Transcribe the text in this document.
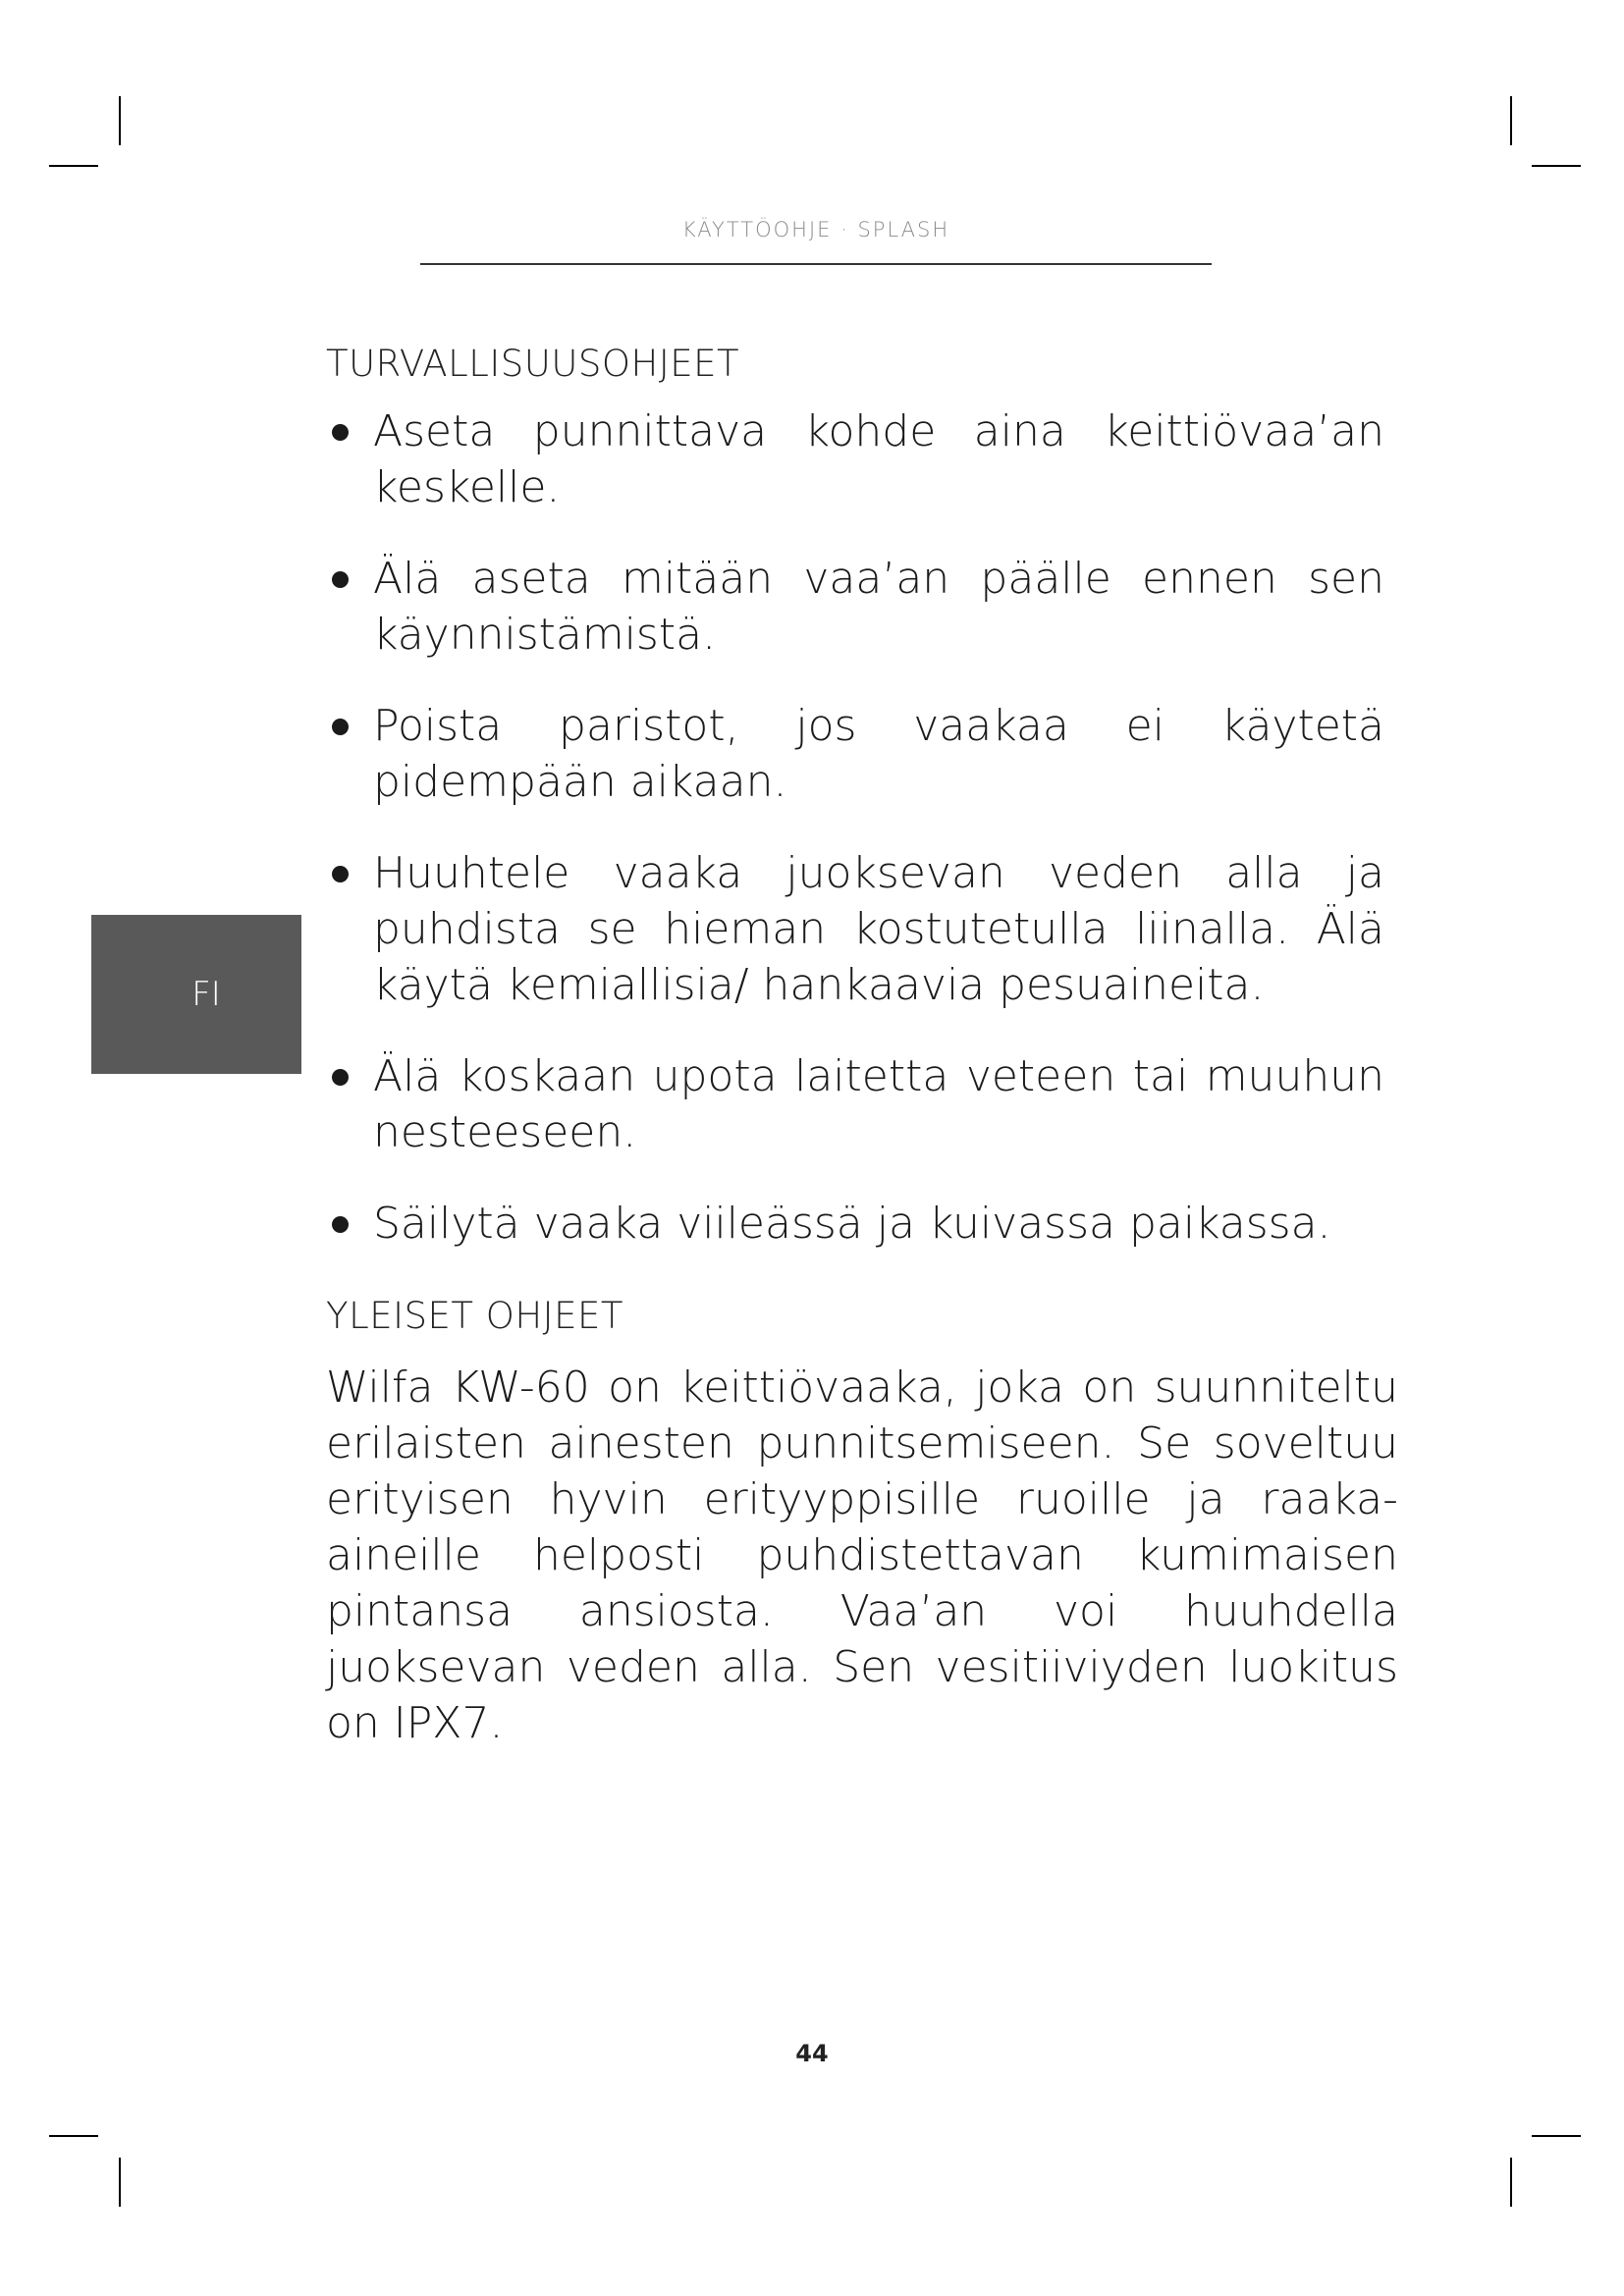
KÄYTTÖOHJE · SPLASH
FI
TURVALLISUUSOHJEET
Aseta punnittava kohde aina keittiövaa’an keskelle.
Älä aseta mitään vaa’an päälle ennen sen käynnistämistä.
Poista paristot, jos vaakaa ei käytetä pidempään aikaan.
Huuhtele vaaka juoksevan veden alla ja puhdista se hieman kostutetulla liinalla. Älä käytä kemiallisia/ hankaavia pesuaineita.
Älä koskaan upota laitetta veteen tai muuhun nesteeseen.
Säilytä vaaka viileässä ja kuivassa paikassa.
YLEISET OHJEET

Wilfa KW-60 on keittiövaaka, joka on suunniteltu erilaisten ainesten punnitsemiseen. Se soveltuu erityisen hyvin erityyppisille ruoille ja raaka-aineille helposti puhdistettavan kumimaisen pintansa ansiosta. Vaa’an voi huuhdella juoksevan veden alla. Sen vesitiiviyden luokitus on IPX7.

44
